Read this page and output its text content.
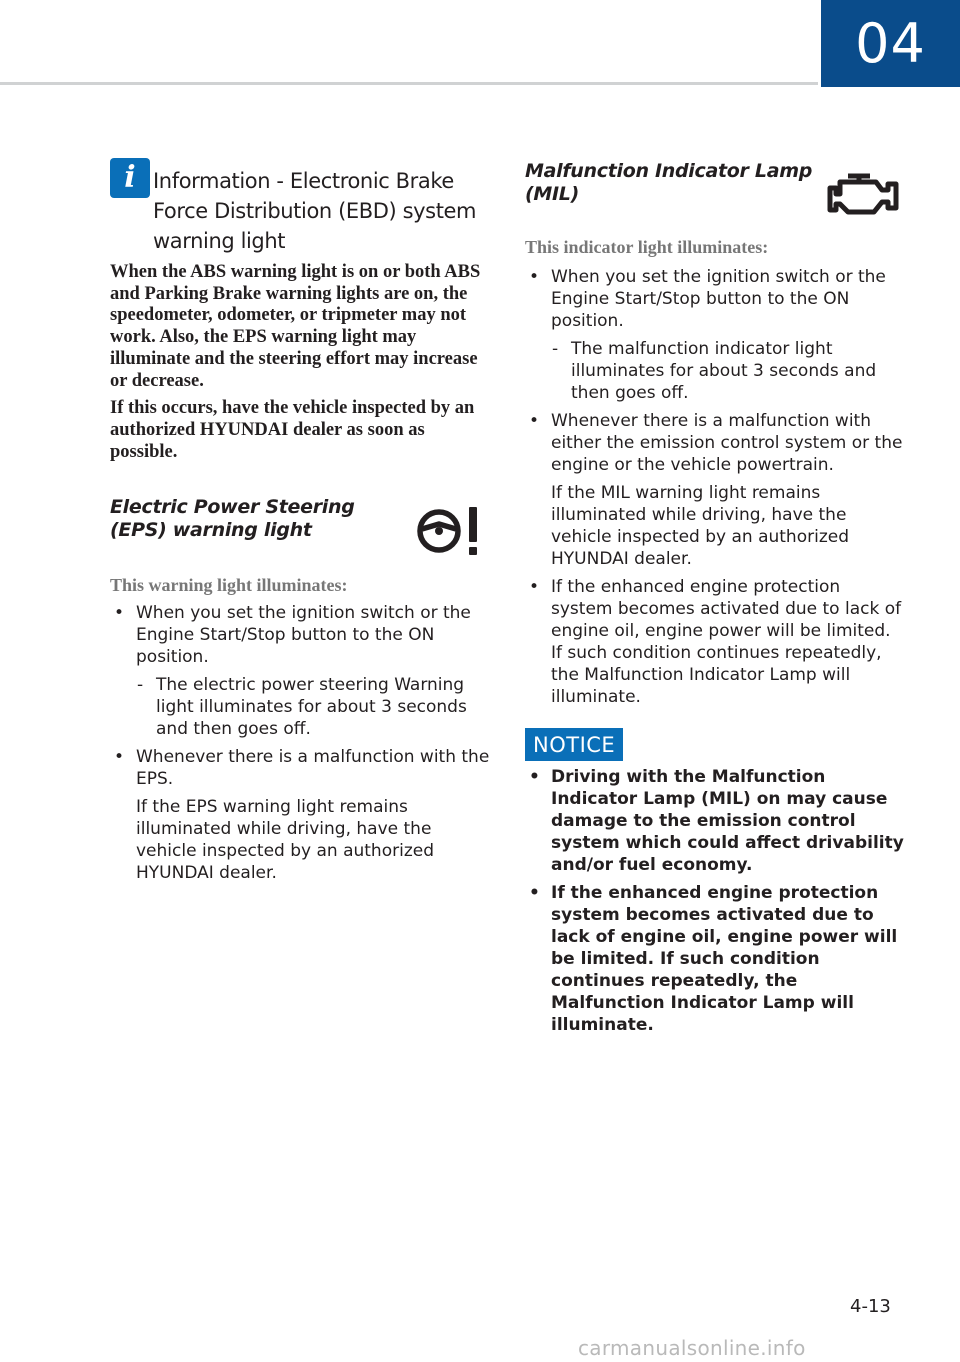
04
i Information - Electronic Brake Force Distribution (EBD) system warning light

When the ABS warning light is on or both ABS and Parking Brake warning lights are on, the speedometer, odometer, or tripmeter may not work. Also, the EPS warning light may illuminate and the steering effort may increase or decrease.

If this occurs, have the vehicle inspected by an authorized HYUNDAI dealer as soon as possible.

Electric Power Steering (EPS) warning light

This warning light illuminates:

• When you set the ignition switch or the Engine Start/Stop button to the ON position.

- The electric power steering Warning light illuminates for about 3 seconds and then goes off.

• Whenever there is a malfunction with the EPS.

If the EPS warning light remains illuminated while driving, have the vehicle inspected by an authorized HYUNDAI dealer.

Malfunction Indicator Lamp (MIL)

This indicator light illuminates:

• When you set the ignition switch or the Engine Start/Stop button to the ON position.

- The malfunction indicator light illuminates for about 3 seconds and then goes off.

• Whenever there is a malfunction with either the emission control system or the engine or the vehicle powertrain.

If the MIL warning light remains illuminated while driving, have the vehicle inspected by an authorized HYUNDAI dealer.

• If the enhanced engine protection system becomes activated due to lack of engine oil, engine power will be limited. If such condition continues repeatedly, the Malfunction Indicator Lamp will illuminate.

NOTICE

• Driving with the Malfunction Indicator Lamp (MIL) on may cause damage to the emission control system which could affect drivability and/or fuel economy.

• If the enhanced engine protection system becomes activated due to lack of engine oil, engine power will be limited. If such condition continues repeatedly, the Malfunction Indicator Lamp will illuminate.

4-13
carmanualsonline.info
